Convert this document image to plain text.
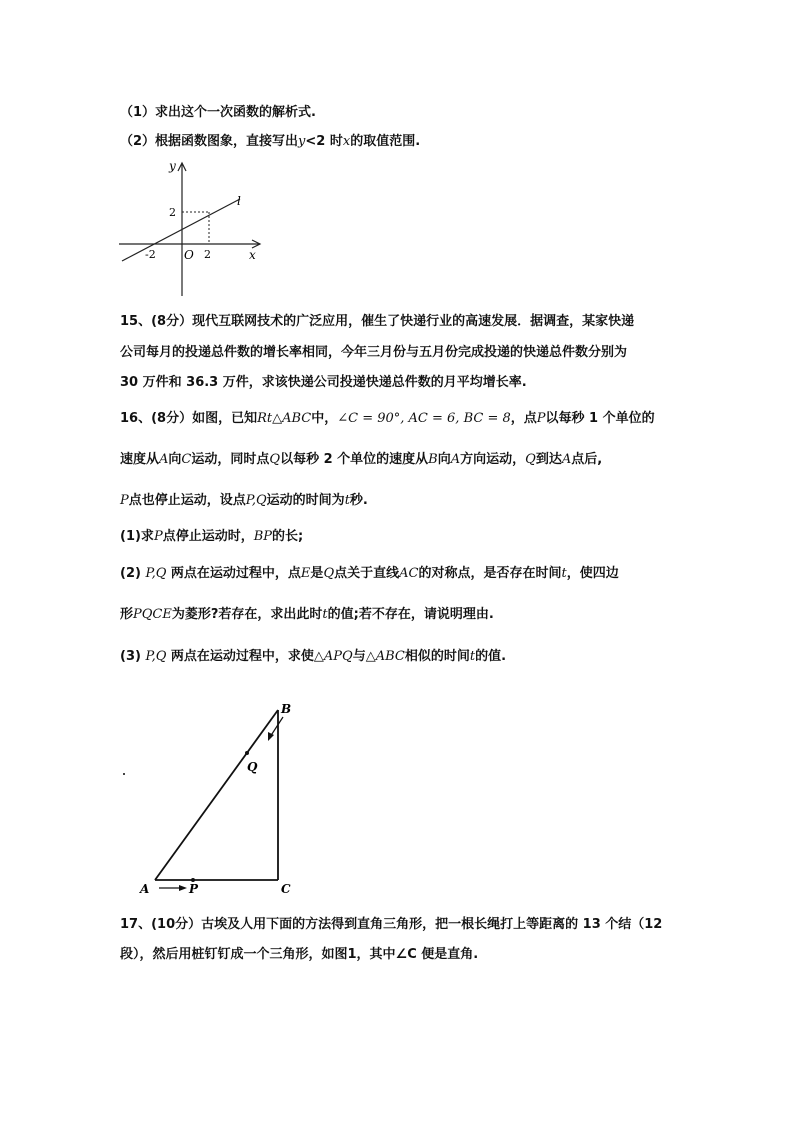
（1）求出这个一次函数的解析式.
（2）根据函数图象，直接写出y<2 时x的取值范围.
y
x
O
l
-2	2
2
15、(8分）现代互联网技术的广泛应用，催生了快递行业的高速发展．据调查，某家快递
公司每月的投递总件数的增长率相同，今年三月份与五月份完成投递的快递总件数分别为
30 万件和 36.3 万件，求该快递公司投递快递总件数的月平均增长率.
16、(8分）如图，已知Rt△ABC中，∠C = 90°, AC = 6, BC = 8，点P以每秒 1 个单位的
速度从A向C运动，同时点Q以每秒 2 个单位的速度从B向A方向运动，Q到达A点后,
P点也停止运动，设点P,Q运动的时间为t秒.
(1)求P点停止运动时，BP的长;
(2) P,Q 两点在运动过程中，点E是Q点关于直线AC的对称点，是否存在时间t，使四边
形PQCE为菱形?若存在，求出此时t的值;若不存在，请说明理由.
(3) P,Q 两点在运动过程中，求使△APQ与△ABC相似的时间t的值.
B
Q
A	P	C
17、(10分）古埃及人用下面的方法得到直角三角形，把一根长绳打上等距离的 13 个结（12
段），然后用桩钉钉成一个三角形，如图1，其中∠C 便是直角.
